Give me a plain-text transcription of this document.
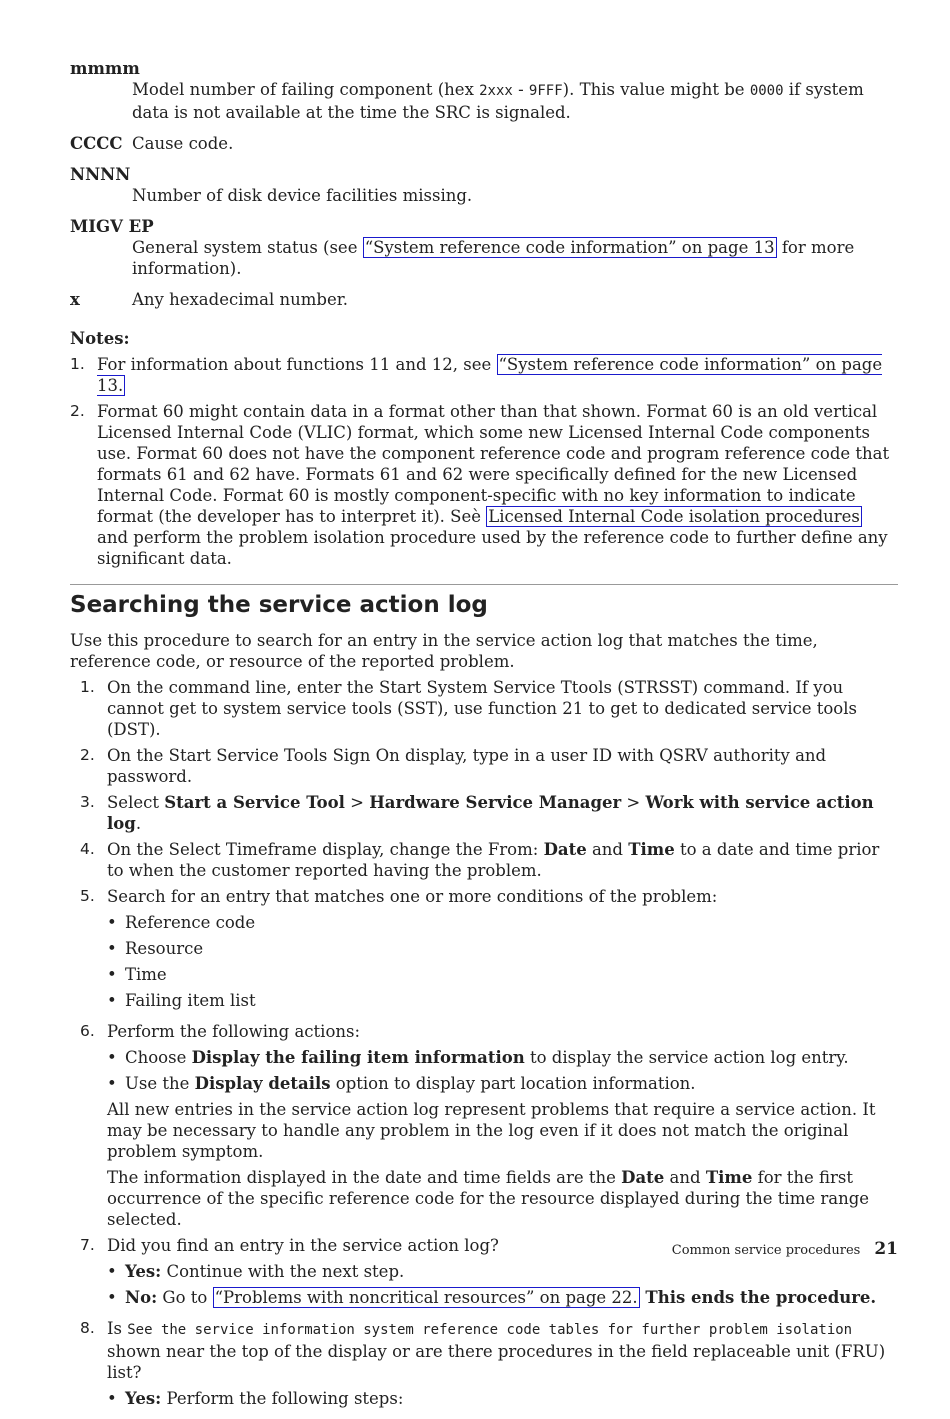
mmmm
Model number of failing component (hex 2xxx - 9FFF). This value might be 0000 if system data is not available at the time the SRC is signaled.
CCCC Cause code.
NNNN
Number of disk device facilities missing.
MIGV EP
General system status (see “System reference code information” on page 13 for more information).
x	Any hexadecimal number.
Notes:
1. For information about functions 11 and 12, see “System reference code information” on page 13.
2. Format 60 might contain data in a format other than that shown. Format 60 is an old vertical Licensed Internal Code (VLIC) format, which some new Licensed Internal Code components use. Format 60 does not have the component reference code and program reference code that formats 61 and 62 have. Formats 61 and 62 were specifically defined for the new Licensed Internal Code. Format 60 is mostly component-specific with no key information to indicate format (the developer has to interpret it). Seè Licensed Internal Code isolation procedures and perform the problem isolation procedure used by the reference code to further define any significant data.
Searching the service action log
Use this procedure to search for an entry in the service action log that matches the time, reference code, or resource of the reported problem.
1. On the command line, enter the Start System Service Ttools (STRSST) command. If you cannot get to system service tools (SST), use function 21 to get to dedicated service tools (DST).
2. On the Start Service Tools Sign On display, type in a user ID with QSRV authority and password.
3. Select Start a Service Tool > Hardware Service Manager > Work with service action log.
4. On the Select Timeframe display, change the From: Date and Time to a date and time prior to when the customer reported having the problem.
5. Search for an entry that matches one or more conditions of the problem:
• Reference code
• Resource
• Time
• Failing item list
6. Perform the following actions:
• Choose Display the failing item information to display the service action log entry.
• Use the Display details option to display part location information.
All new entries in the service action log represent problems that require a service action. It may be necessary to handle any problem in the log even if it does not match the original problem symptom.
The information displayed in the date and time fields are the Date and Time for the first occurrence of the specific reference code for the resource displayed during the time range selected.
7. Did you find an entry in the service action log?
• Yes: Continue with the next step.
• No: Go to “Problems with noncritical resources” on page 22. This ends the procedure.
8. Is See the service information system reference code tables for further problem isolation shown near the top of the display or are there procedures in the field replaceable unit (FRU) list?
• Yes: Perform the following steps:
Common service procedures 21
